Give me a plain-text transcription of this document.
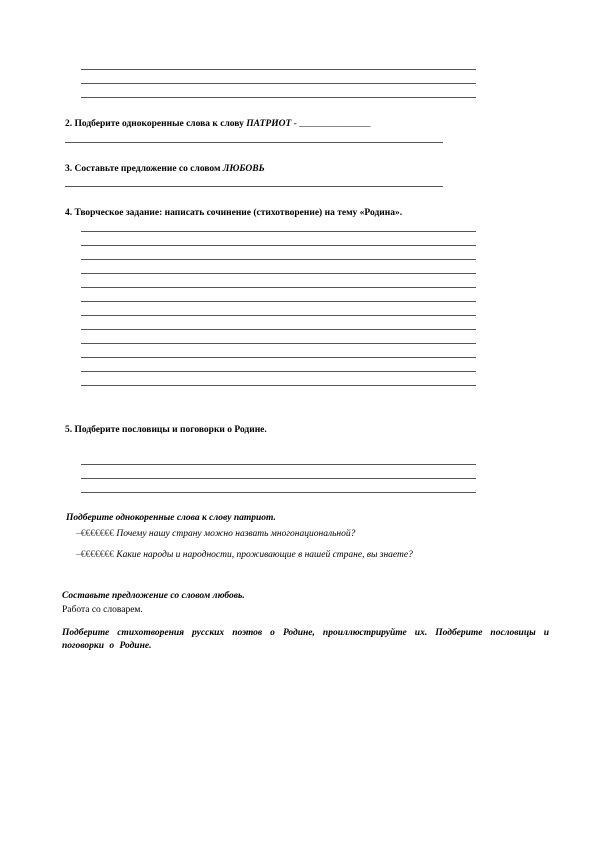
2. Подберите однокоренные слова к слову ПАТРИОТ - _______________
3. Составьте предложение со словом ЛЮБОВЬ
4. Творческое задание: написать сочинение (стихотворение) на тему «Родина».
5. Подберите пословицы и поговорки о Родине.
Подберите однокоренные слова к слову патриот.
–€€€€€€€ Почему нашу страну можно назвать многонациональной?
–€€€€€€€ Какие народы и народности, проживающие в нашей стране, вы знаете?
Составьте предложение со словом любовь.
Работа со словарем.
Подберите стихотворения русских поэтов о Родине, проиллюстрируйте их. Подберите пословицы и поговорки о Родине.
